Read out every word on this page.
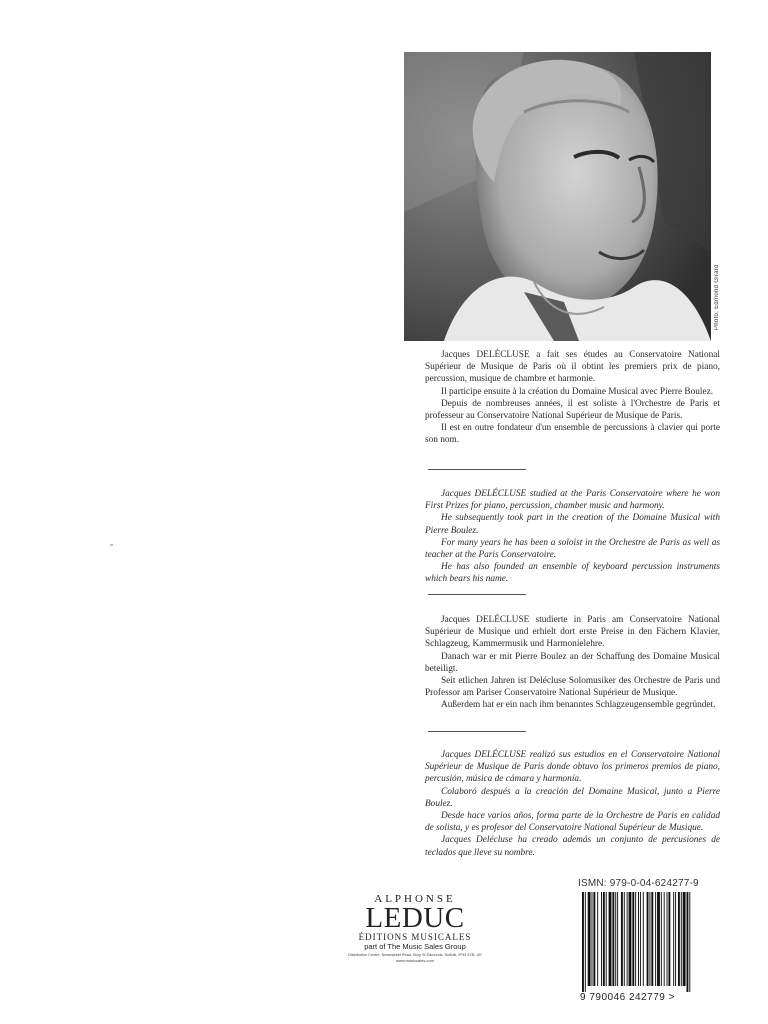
Photo: Edmond Girard

Jacques DELÉCLUSE a fait ses études au Conservatoire National Supérieur de Musique de Paris où il obtint les premiers prix de piano, percussion, musique de chambre et harmonie.

Il participe ensuite à la création du Domaine Musical avec Pierre Boulez.

Depuis de nombreuses années, il est soliste à l'Orchestre de Paris et professeur au Conservatoire National Supérieur de Musique de Paris.

Il est en outre fondateur d'un ensemble de percussions à clavier qui porte son nom.

Jacques DELÉCLUSE studied at the Paris Conservatoire where he won First Prizes for piano, percussion, chamber music and harmony.

He subsequently took part in the creation of the Domaine Musical with Pierre Boulez.

For many years he has been a soloist in the Orchestre de Paris as well as teacher at the Paris Conservatoire.

He has also founded an ensemble of keyboard percussion instruments which bears his name.

Jacques DELÉCLUSE studierte in Paris am Conservatoire National Supérieur de Musique und erhielt dort erste Preise in den Fächern Klavier, Schlagzeug, Kammermusik und Harmonielehre.

Danach war er mit Pierre Boulez an der Schaffung des Domaine Musical beteiligt.

Seit etlichen Jahren ist Delécluse Solomusiker des Orchestre de Paris und Professor am Pariser Conservatoire National Supérieur de Musique.

Außerdem hat er ein nach ihm benanntes Schlagzeugensemble gegründet.

Jacques DELÉCLUSE realizó sus estudios en el Conservatoire National Supérieur de Musique de Paris donde obtuvo los primeros premios de piano, percusión, música de cámara y harmonía.

Colaboró después a la creación del Domaine Musical, junto a Pierre Boulez.

Desde hace varios años, forma parte de la Orchestre de Paris en calidad de solista, y es profesor del Conservatoire National Supérieur de Musique.

Jacques Delécluse ha creado además un conjunto de percusiones de teclados que lleve su nombre.

ALPHONSE
LEDUC
ÉDITIONS MUSICALES
part of The Music Sales Group
Distribution Centre, Newmarket Road, Bury St Edmunds, Suffolk, IP33 3YB, UK
www.musicsales.com
ISMN: 979-0-04-624277-9
9 790046 242779 >
